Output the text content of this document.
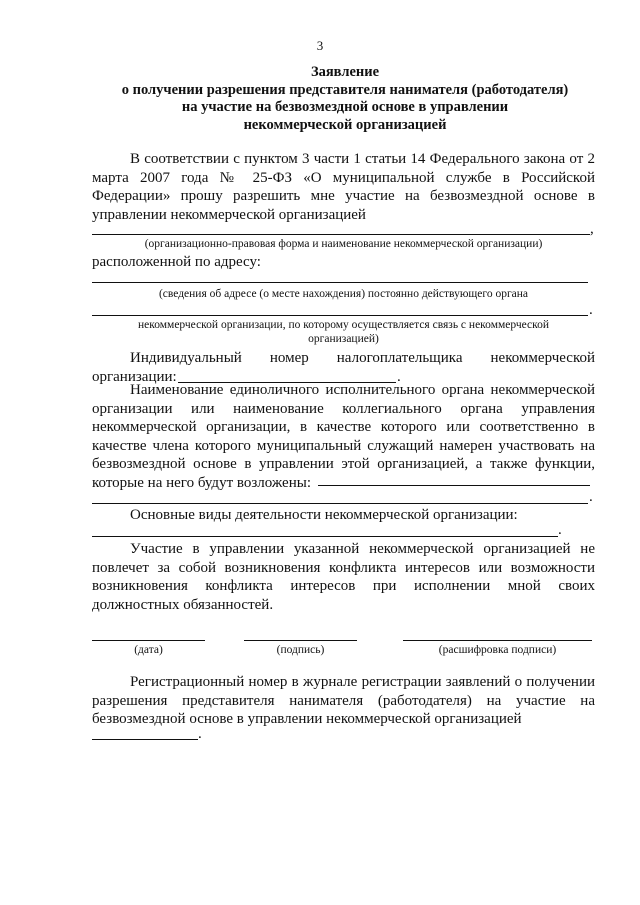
3
Заявление
о получении разрешения представителя нанимателя (работодателя)
на участие на безвозмездной основе в управлении
некоммерческой организацией
В соответствии с пунктом 3 части 1 статьи 14 Федерального закона от 2 марта 2007 года № 25-ФЗ «О муниципальной службе в Российской Федерации» прошу разрешить мне участие на безвозмездной основе в управлении некоммерческой организацией
,
(организационно-правовая форма и наименование некоммерческой организации)
расположенной по адресу:
(сведения об адресе (о месте нахождения) постоянно действующего органа
.
некоммерческой организации, по которому осуществляется связь с некоммерческой
организацией)
Индивидуальный номер налогоплательщика некоммерческой
организации:	.
Наименование единоличного исполнительного органа некоммерческой организации или наименование коллегиального органа управления некоммерческой организации, в качестве которого или соответственно в качестве члена которого муниципальный служащий намерен участвовать на безвозмездной основе в управлении этой организацией, а также функции, которые на него будут возложены:
.
Основные виды деятельности некоммерческой организации:
.
Участие в управлении указанной некоммерческой организацией не повлечет за собой возникновения конфликта интересов или возможности возникновения конфликта интересов при исполнении мной своих должностных обязанностей.
(дата)	(подпись)	(расшифровка подписи)
Регистрационный номер в журнале регистрации заявлений о получении разрешения представителя нанимателя (работодателя) на участие на безвозмездной основе в управлении некоммерческой организацией
.
